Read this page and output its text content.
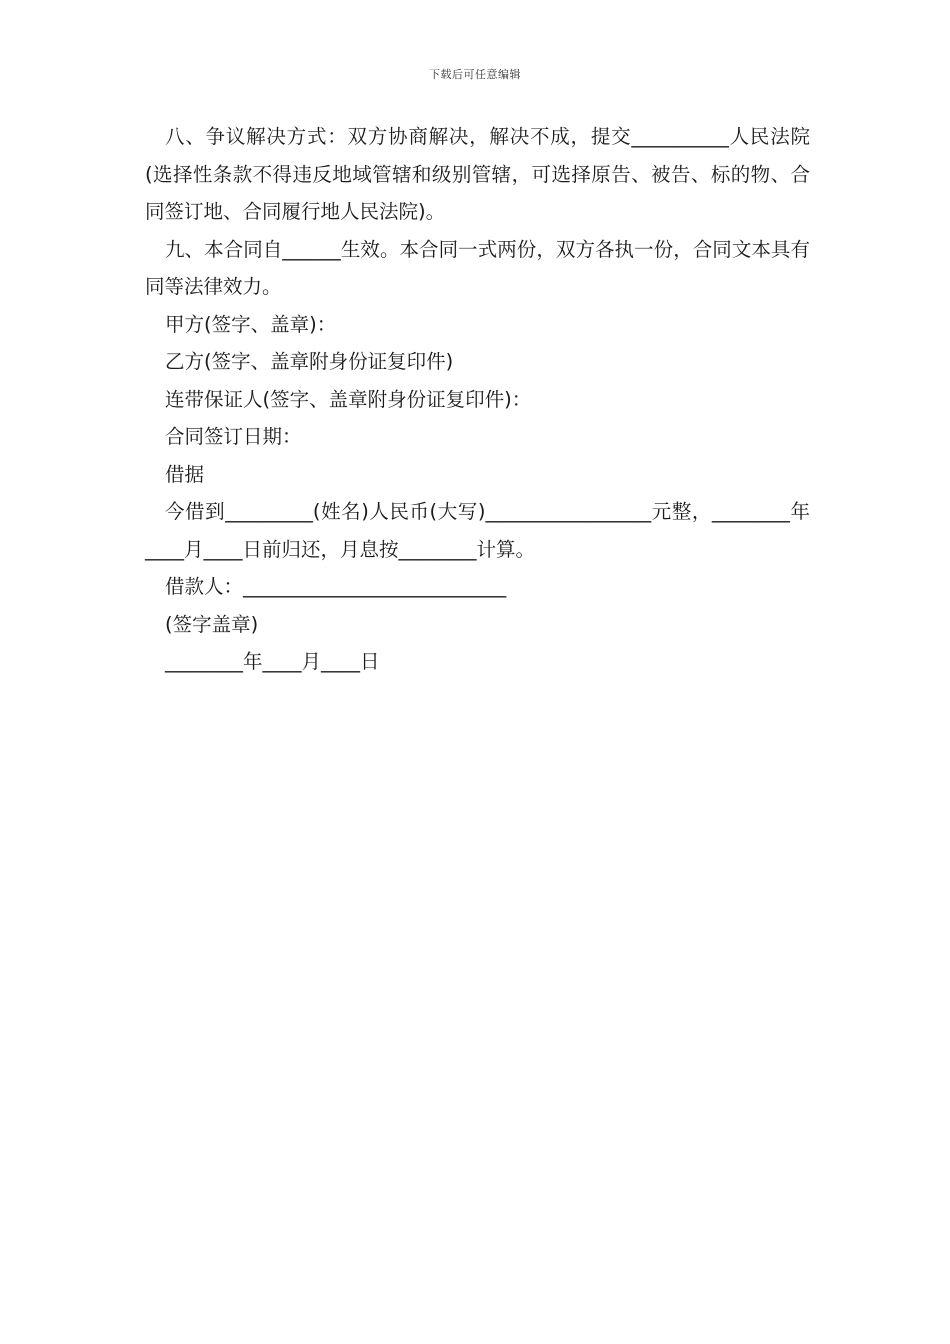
下载后可任意编辑

八、争议解决方式：双方协商解决，解决不成，提交__________人民法院(选择性条款不得违反地域管辖和级别管辖，可选择原告、被告、标的物、合同签订地、合同履行地人民法院)。

九、本合同自______生效。本合同一式两份，双方各执一份，合同文本具有同等法律效力。

甲方(签字、盖章)：

乙方(签字、盖章附身份证复印件)

连带保证人(签字、盖章附身份证复印件)：

合同签订日期：

借据

今借到_________(姓名)人民币(大写)_________________元整，________年____月____日前归还，月息按________计算。

借款人：___________________________

(签字盖章)

________年____月____日
